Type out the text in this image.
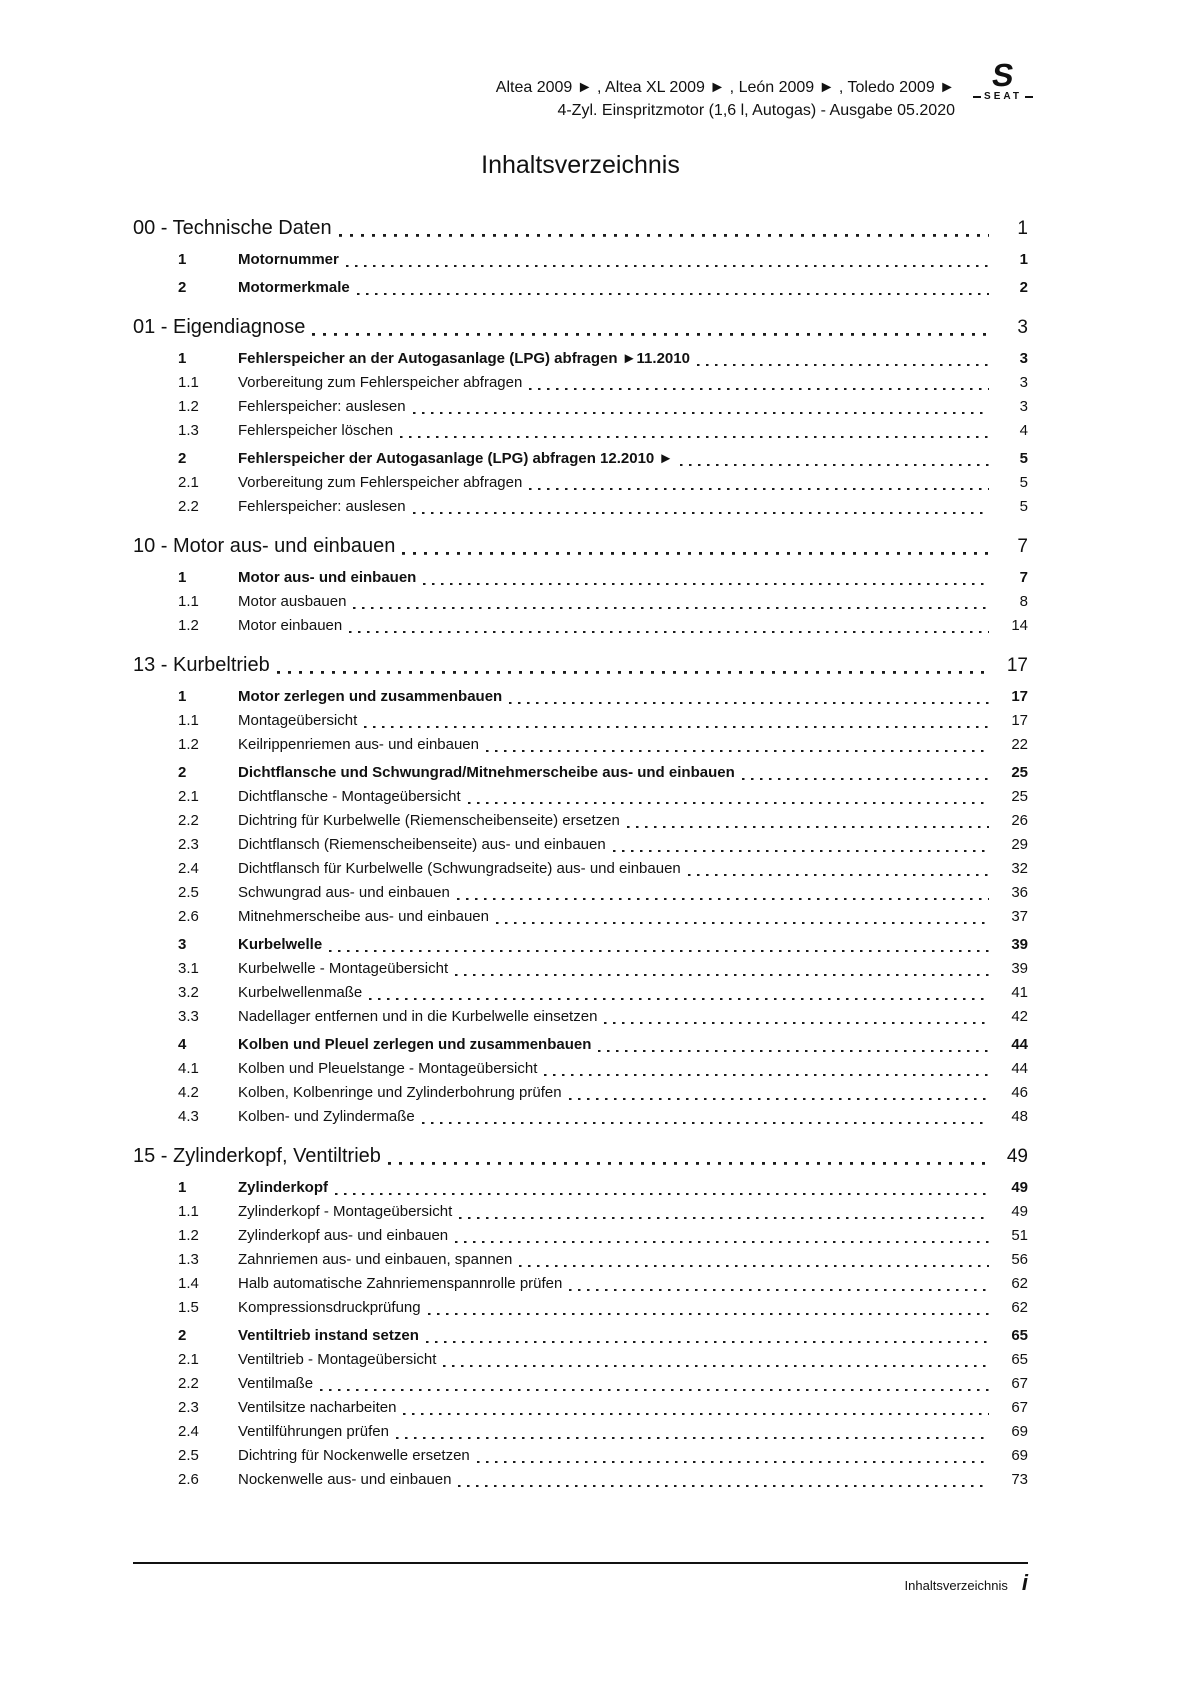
Altea 2009 ► , Altea XL 2009 ► , León 2009 ► , Toledo 2009 ►
4-Zyl. Einspritzmotor (1,6 l, Autogas) - Ausgabe 05.2020
S
SEAT
Inhaltsverzeichnis
00 - Technische Daten	1
1	Motornummer	1
2	Motormerkmale	2
01 - Eigendiagnose	3
1	Fehlerspeicher an der Autogasanlage (LPG) abfragen ►11.2010	3
1.1	Vorbereitung zum Fehlerspeicher abfragen	3
1.2	Fehlerspeicher: auslesen	3
1.3	Fehlerspeicher löschen	4
2	Fehlerspeicher der Autogasanlage (LPG) abfragen 12.2010 ►	5
2.1	Vorbereitung zum Fehlerspeicher abfragen	5
2.2	Fehlerspeicher: auslesen	5
10 - Motor aus- und einbauen	7
1	Motor aus- und einbauen	7
1.1	Motor ausbauen	8
1.2	Motor einbauen	14
13 - Kurbeltrieb	17
1	Motor zerlegen und zusammenbauen	17
1.1	Montageübersicht	17
1.2	Keilrippenriemen aus- und einbauen	22
2	Dichtflansche und Schwungrad/Mitnehmerscheibe aus- und einbauen	25
2.1	Dichtflansche - Montageübersicht	25
2.2	Dichtring für Kurbelwelle (Riemenscheibenseite) ersetzen	26
2.3	Dichtflansch (Riemenscheibenseite) aus- und einbauen	29
2.4	Dichtflansch für Kurbelwelle (Schwungradseite) aus- und einbauen	32
2.5	Schwungrad aus- und einbauen	36
2.6	Mitnehmerscheibe aus- und einbauen	37
3	Kurbelwelle	39
3.1	Kurbelwelle - Montageübersicht	39
3.2	Kurbelwellenmaße	41
3.3	Nadellager entfernen und in die Kurbelwelle einsetzen	42
4	Kolben und Pleuel zerlegen und zusammenbauen	44
4.1	Kolben und Pleuelstange - Montageübersicht	44
4.2	Kolben, Kolbenringe und Zylinderbohrung prüfen	46
4.3	Kolben- und Zylindermaße	48
15 - Zylinderkopf, Ventiltrieb	49
1	Zylinderkopf	49
1.1	Zylinderkopf - Montageübersicht	49
1.2	Zylinderkopf aus- und einbauen	51
1.3	Zahnriemen aus- und einbauen, spannen	56
1.4	Halb automatische Zahnriemenspannrolle prüfen	62
1.5	Kompressionsdruckprüfung	62
2	Ventiltrieb instand setzen	65
2.1	Ventiltrieb - Montageübersicht	65
2.2	Ventilmaße	67
2.3	Ventilsitze nacharbeiten	67
2.4	Ventilführungen prüfen	69
2.5	Dichtring für Nockenwelle ersetzen	69
2.6	Nockenwelle aus- und einbauen	73
Inhaltsverzeichnis i
